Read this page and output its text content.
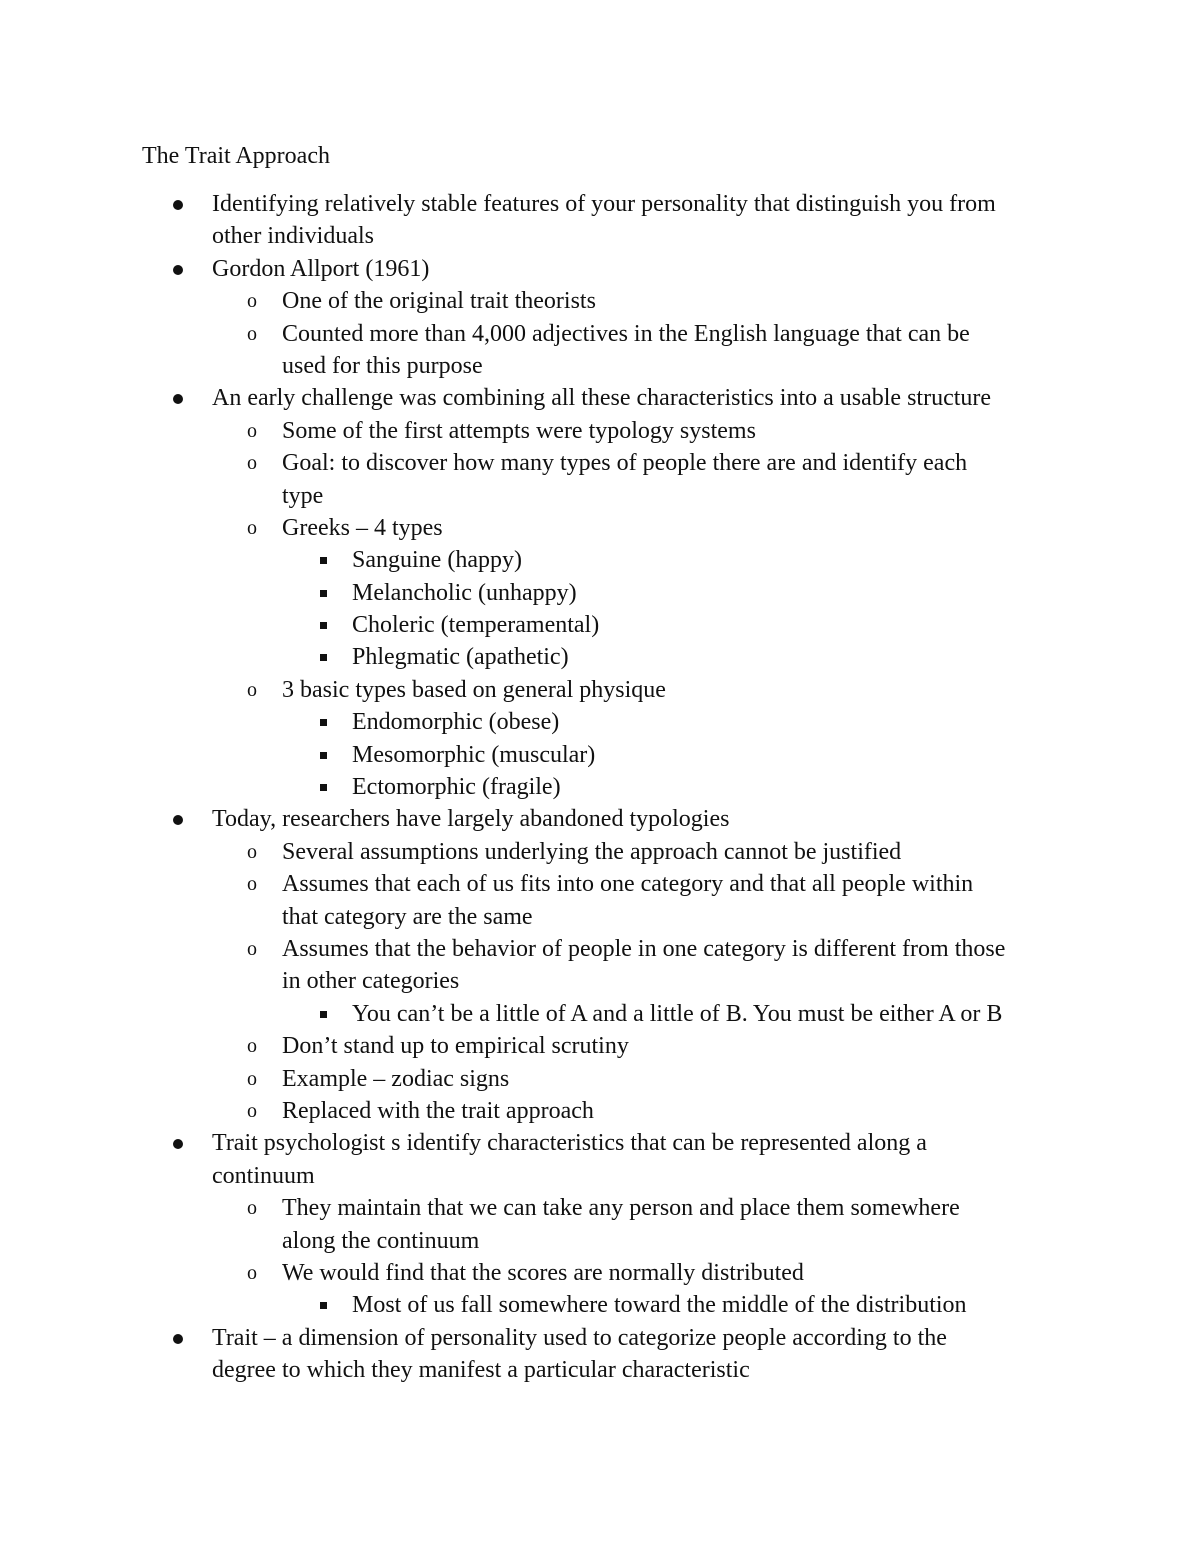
The Trait Approach
Identifying relatively stable features of your personality that distinguish you from
other individuals
Gordon Allport (1961)
o One of the original trait theorists
o Counted more than 4,000 adjectives in the English language that can be
used for this purpose
An early challenge was combining all these characteristics into a usable structure
o Some of the first attempts were typology systems
o Goal: to discover how many types of people there are and identify each
type
o Greeks – 4 types
Sanguine (happy)
Melancholic (unhappy)
Choleric (temperamental)
Phlegmatic (apathetic)
o 3 basic types based on general physique
Endomorphic (obese)
Mesomorphic (muscular)
Ectomorphic (fragile)
Today, researchers have largely abandoned typologies
o Several assumptions underlying the approach cannot be justified
o Assumes that each of us fits into one category and that all people within
that category are the same
o Assumes that the behavior of people in one category is different from those
in other categories
You can’t be a little of A and a little of B. You must be either A or B
o Don’t stand up to empirical scrutiny
o Example – zodiac signs
o Replaced with the trait approach
Trait psychologist s identify characteristics that can be represented along a
continuum
o They maintain that we can take any person and place them somewhere
along the continuum
o We would find that the scores are normally distributed
Most of us fall somewhere toward the middle of the distribution
Trait – a dimension of personality used to categorize people according to the
degree to which they manifest a particular characteristic
